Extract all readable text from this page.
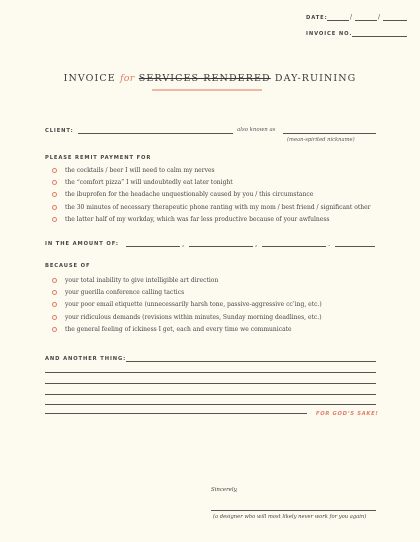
DATE:	/	/
INVOICE NO.
INVOICE for SERVICES RENDERED DAY-RUINING
CLIENT:	also known as
(mean-spirited nickname)
PLEASE REMIT PAYMENT FOR
the cocktails / beer I will need to calm my nerves
the “comfort pizza” I will undoubtedly eat later tonight
the ibuprofen for the headache unquestionably caused by you / this circumstance
the 30 minutes of necessary therapeutic phone ranting with my mom / best friend / significant other
the latter half of my workday, which was far less productive because of your awfulness
IN THE AMOUNT OF:	,	,	.
BECAUSE OF
your total inability to give intelligible art direction
your guerilla conference calling tactics
your poor email etiquette (unnecessarily harsh tone, passive-aggressive cc’ing, etc.)
your ridiculous demands (revisions within minutes, Sunday morning deadlines, etc.)
the general feeling of ickiness I get, each and every time we communicate
AND ANOTHER THING:
FOR GOD’S SAKE!
Sincerely,
(a designer who will most likely never work for you again)
